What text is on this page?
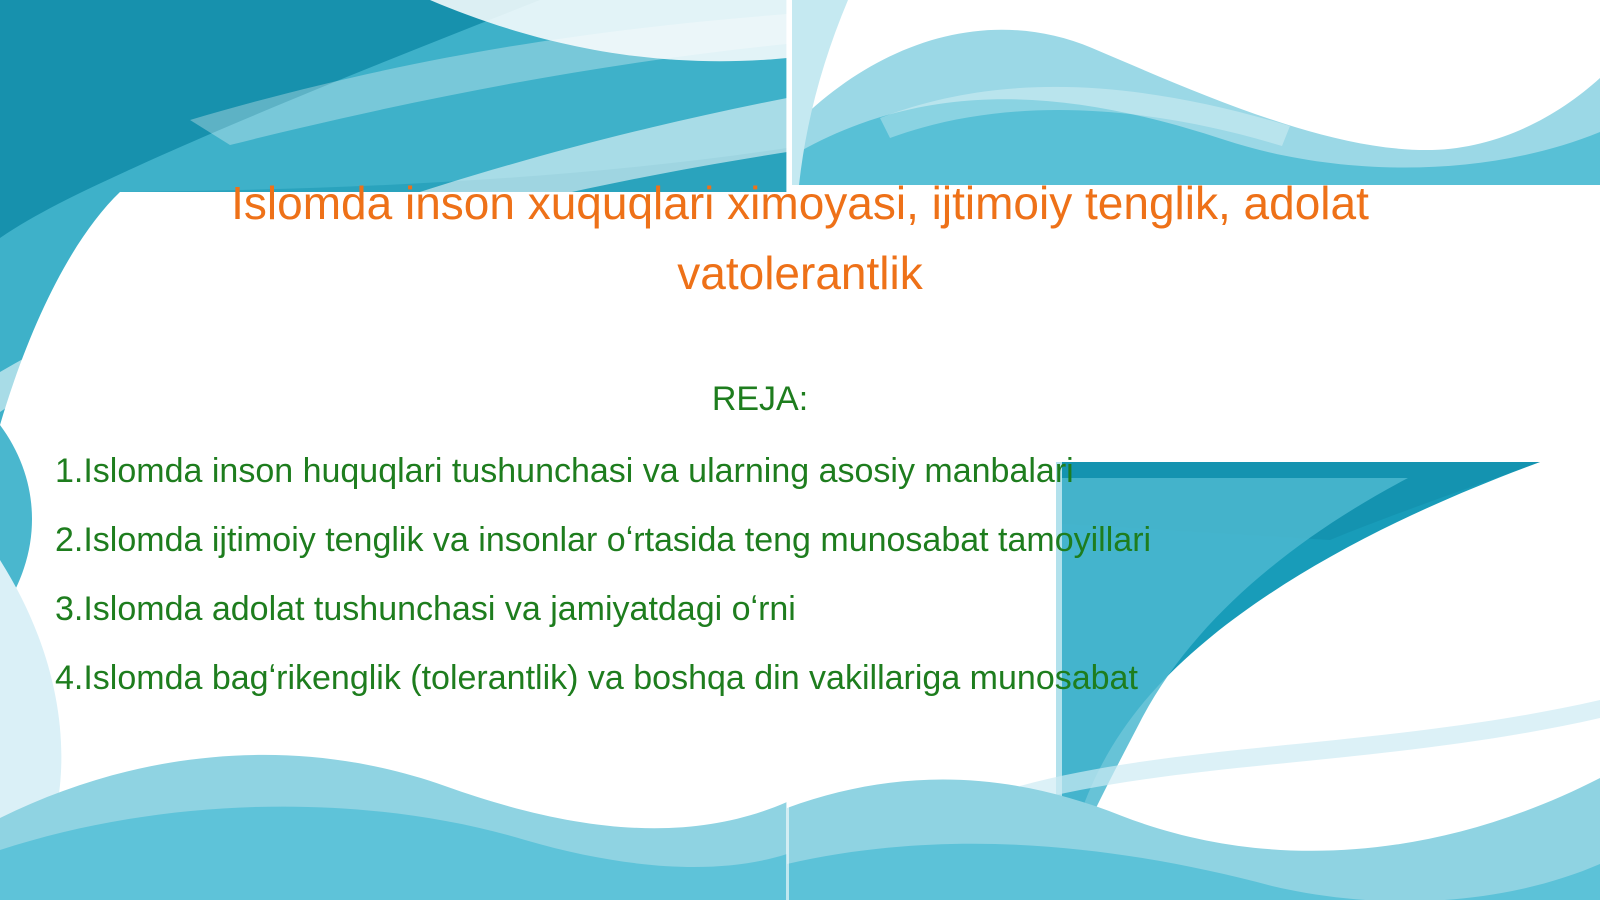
Islomda inson xuquqlari ximoyasi, ijtimoiy tenglik, adolat vatolerantlik
REJA:
1.Islomda inson huquqlari tushunchasi va ularning asosiy manbalari
2.Islomda ijtimoiy tenglik va insonlar oʻrtasida teng munosabat tamoyillari
3.Islomda adolat tushunchasi va jamiyatdagi oʻrni
4.Islomda bagʻrikenglik (tolerantlik) va boshqa din vakillariga munosabat
